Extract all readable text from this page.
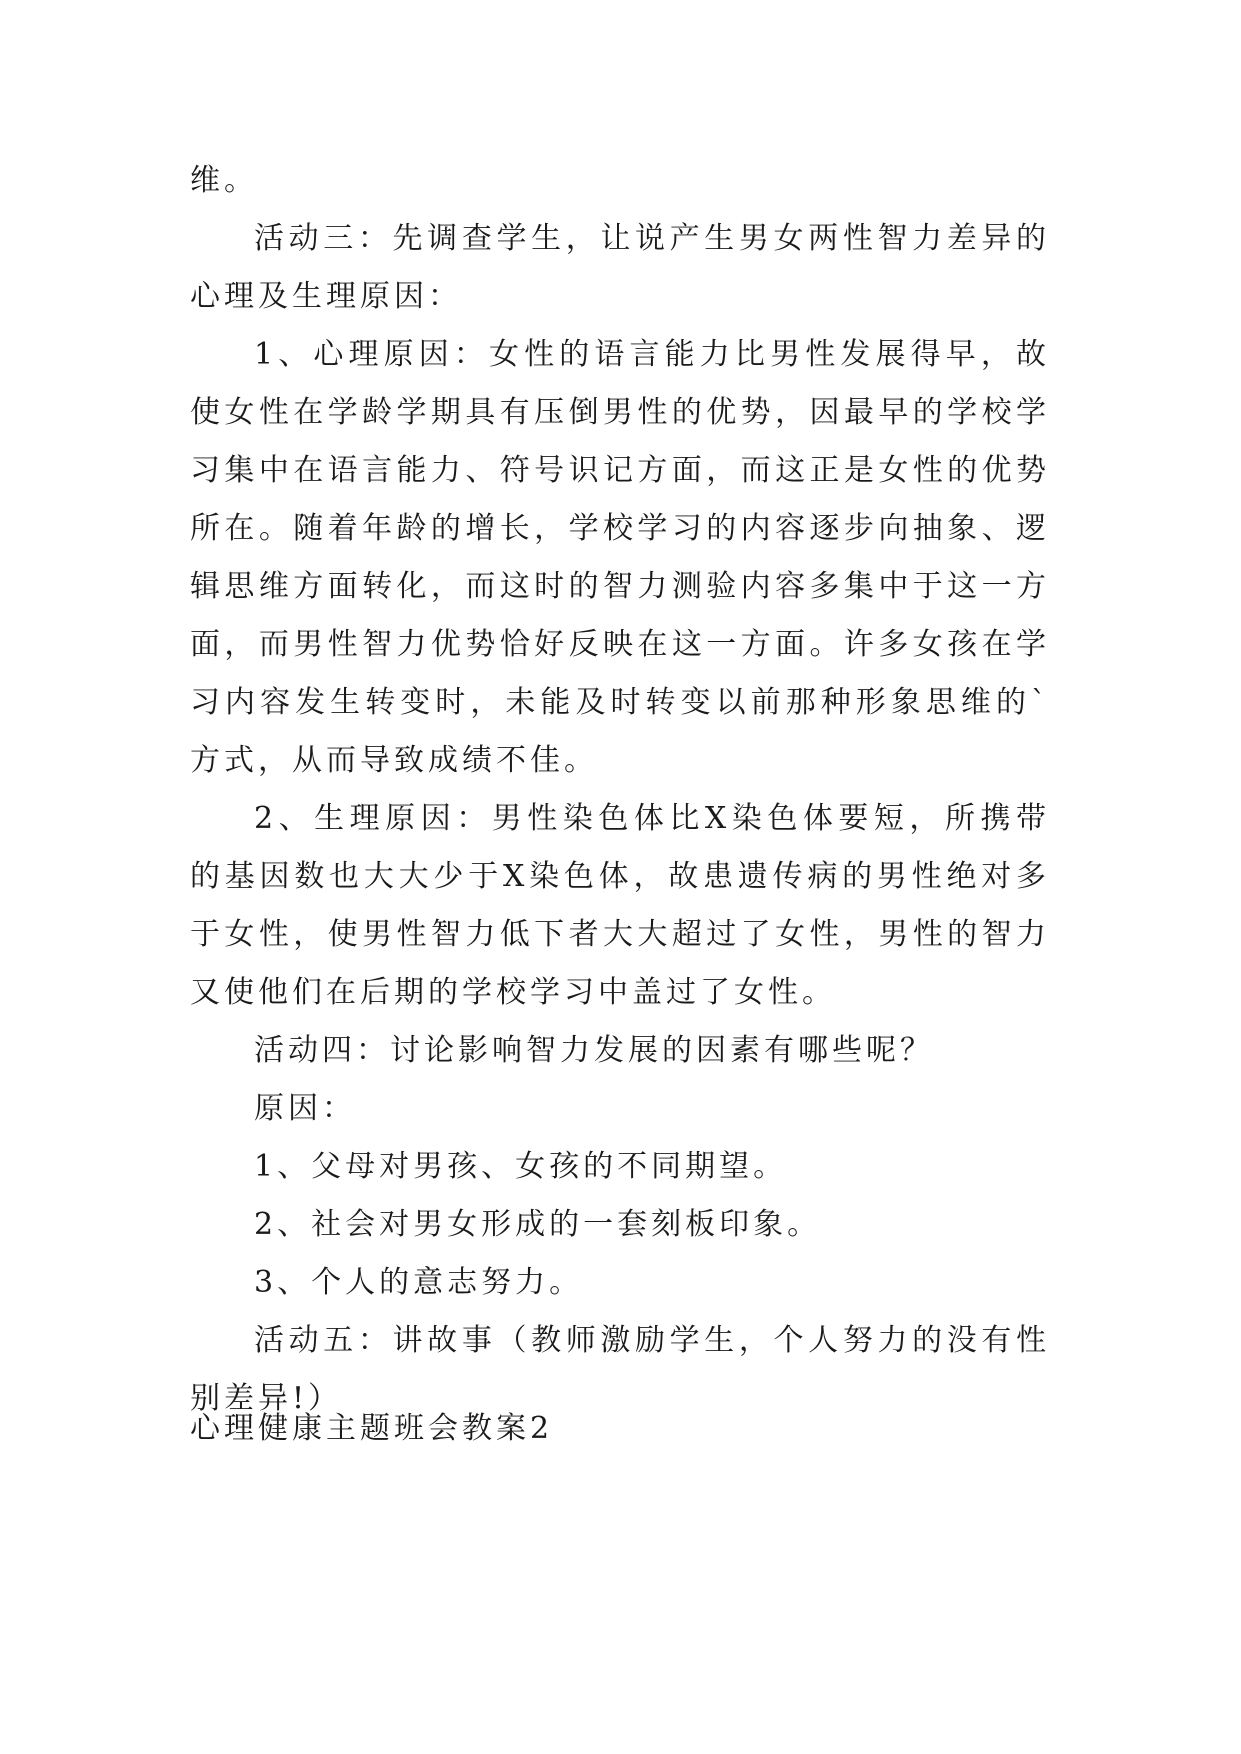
维。

活动三：先调查学生，让说产生男女两性智力差异的心理及生理原因：

1、心理原因：女性的语言能力比男性发展得早，故使女性在学龄学期具有压倒男性的优势，因最早的学校学习集中在语言能力、符号识记方面，而这正是女性的优势所在。随着年龄的增长，学校学习的内容逐步向抽象、逻辑思维方面转化，而这时的智力测验内容多集中于这一方面，而男性智力优势恰好反映在这一方面。许多女孩在学习内容发生转变时，未能及时转变以前那种形象思维的`方式，从而导致成绩不佳。

2、生理原因：男性染色体比X染色体要短，所携带的基因数也大大少于X染色体，故患遗传病的男性绝对多于女性，使男性智力低下者大大超过了女性，男性的智力又使他们在后期的学校学习中盖过了女性。

活动四：讨论影响智力发展的因素有哪些呢？

原因：

1、父母对男孩、女孩的不同期望。

2、社会对男女形成的一套刻板印象。

3、个人的意志努力。

活动五：讲故事（教师激励学生，个人努力的没有性别差异!）

心理健康主题班会教案2
